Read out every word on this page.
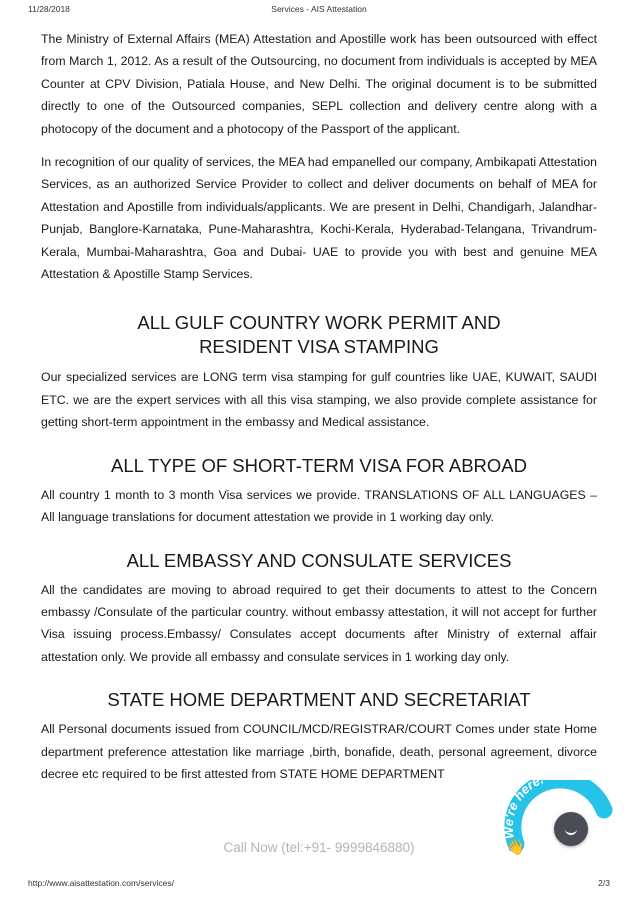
11/28/2018	Services - AIS Attestation

The Ministry of External Affairs (MEA) Attestation and Apostille work has been outsourced with effect from March 1, 2012. As a result of the Outsourcing, no document from individuals is accepted by MEA Counter at CPV Division, Patiala House, and New Delhi. The original document is to be submitted directly to one of the Outsourced companies, SEPL collection and delivery centre along with a photocopy of the document and a photocopy of the Passport of the applicant.

In recognition of our quality of services, the MEA had empanelled our company, Ambikapati Attestation Services, as an authorized Service Provider to collect and deliver documents on behalf of MEA for Attestation and Apostille from individuals/applicants. We are present in Delhi, Chandigarh, Jalandhar-Punjab, Banglore-Karnataka, Pune-Maharashtra, Kochi-Kerala, Hyderabad-Telangana, Trivandrum-Kerala, Mumbai-Maharashtra, Goa and Dubai- UAE to provide you with best and genuine MEA Attestation & Apostille Stamp Services.

ALL GULF COUNTRY WORK PERMIT AND RESIDENT VISA STAMPING

Our specialized services are LONG term visa stamping for gulf countries like UAE, KUWAIT, SAUDI ETC. we are the expert services with all this visa stamping, we also provide complete assistance for getting short-term appointment in the embassy and Medical assistance.

ALL TYPE OF SHORT-TERM VISA FOR ABROAD

All country 1 month to 3 month Visa services we provide. TRANSLATIONS OF ALL LANGUAGES – All language translations for document attestation we provide in 1 working day only.

ALL EMBASSY AND CONSULATE SERVICES

All the candidates are moving to abroad required to get their documents to attest to the Concern embassy /Consulate of the particular country. without embassy attestation, it will not accept for further Visa issuing process.Embassy/ Consulates accept documents after Ministry of external affair attestation only. We provide all embassy and consulate services in 1 working day only.

STATE HOME DEPARTMENT AND SECRETARIAT

All Personal documents issued from COUNCIL/MCD/REGISTRAR/COURT Comes under state Home department preference attestation like marriage ,birth, bonafide, death, personal agreement, divorce decree etc required to be first attested from STATE HOME DEPARTMENT

Call Now (tel:+91- 9999846880)
We're here
👋
http://www.aisattestation.com/services/	2/3
